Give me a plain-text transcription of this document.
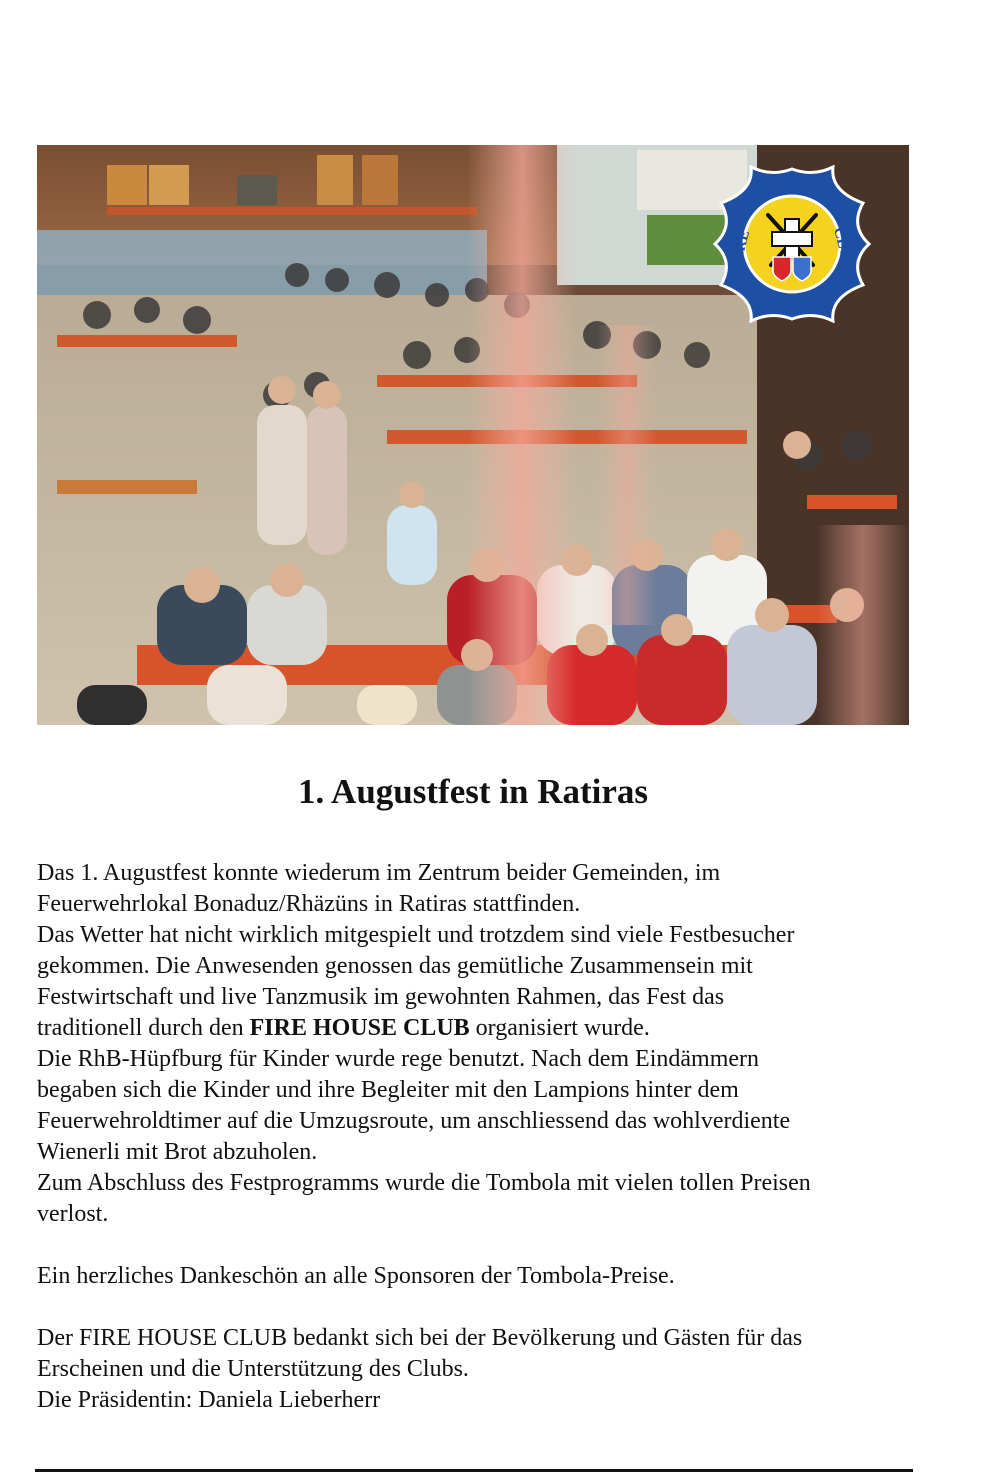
HOUSE
FIRE	CLUB
2003
1. Augustfest in Ratiras

Das 1. Augustfest konnte wiederum im Zentrum beider Gemeinden, im

Feuerwehrlokal Bonaduz/Rhäzüns in Ratiras stattfinden.

Das Wetter hat nicht wirklich mitgespielt und trotzdem sind viele Festbesucher

gekommen. Die Anwesenden genossen das gemütliche Zusammensein mit

Festwirtschaft und live Tanzmusik im gewohnten Rahmen, das Fest das

traditionell durch den FIRE HOUSE CLUB organisiert wurde.

Die RhB-Hüpfburg für Kinder wurde rege benutzt. Nach dem Eindämmern

begaben sich die Kinder und ihre Begleiter mit den Lampions hinter dem

Feuerwehroldtimer auf die Umzugsroute, um anschliessend das wohlverdiente

Wienerli mit Brot abzuholen.

Zum Abschluss des Festprogramms wurde die Tombola mit vielen tollen Preisen

verlost.

Ein herzliches Dankeschön an alle Sponsoren der Tombola-Preise.

Der FIRE HOUSE CLUB bedankt sich bei der Bevölkerung und Gästen für das

Erscheinen und die Unterstützung des Clubs.

Die Präsidentin: Daniela Lieberherr
